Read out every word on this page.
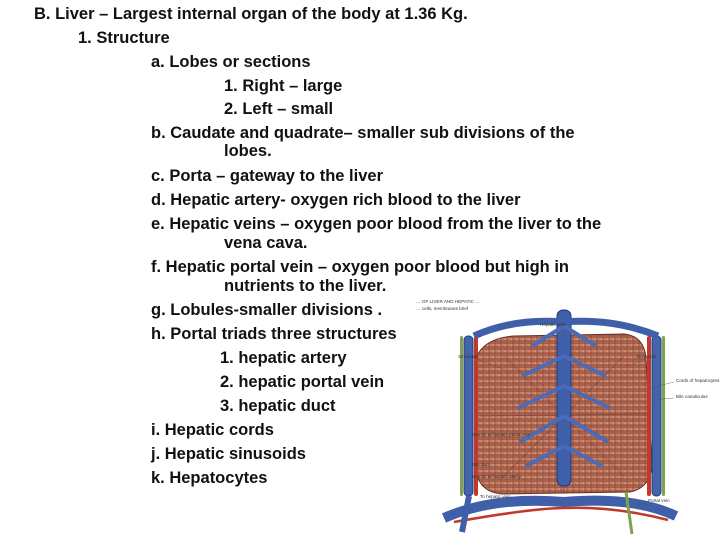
B. Liver – Largest internal organ of the body at 1.36 Kg.
1. Structure
a. Lobes or sections
1. Right – large
2. Left – small
b. Caudate and quadrate– smaller sub divisions of the
lobes.
c. Porta – gateway to the liver
d. Hepatic artery- oxygen rich blood to the liver
e. Hepatic veins – oxygen poor blood from the liver to the
vena cava.
f. Hepatic portal vein – oxygen poor blood but high in
nutrients to the liver.
g. Lobules-smaller divisions .
h. Portal triads three structures
1. hepatic artery
2. hepatic portal vein
3. hepatic duct
i. Hepatic cords
j. Hepatic sinusoids
k. Hepatocytes
… OF LIVER AND HEPATIC …
… cells, membranes brief
Hepatic vein
Sinusoids	Sinusoids
Cords of hepatocytes
Bile canaliculus
Branch of hepatic portal vein
Bile duct
Branch of hepatic artery
Portal vein
To hepatic vein
